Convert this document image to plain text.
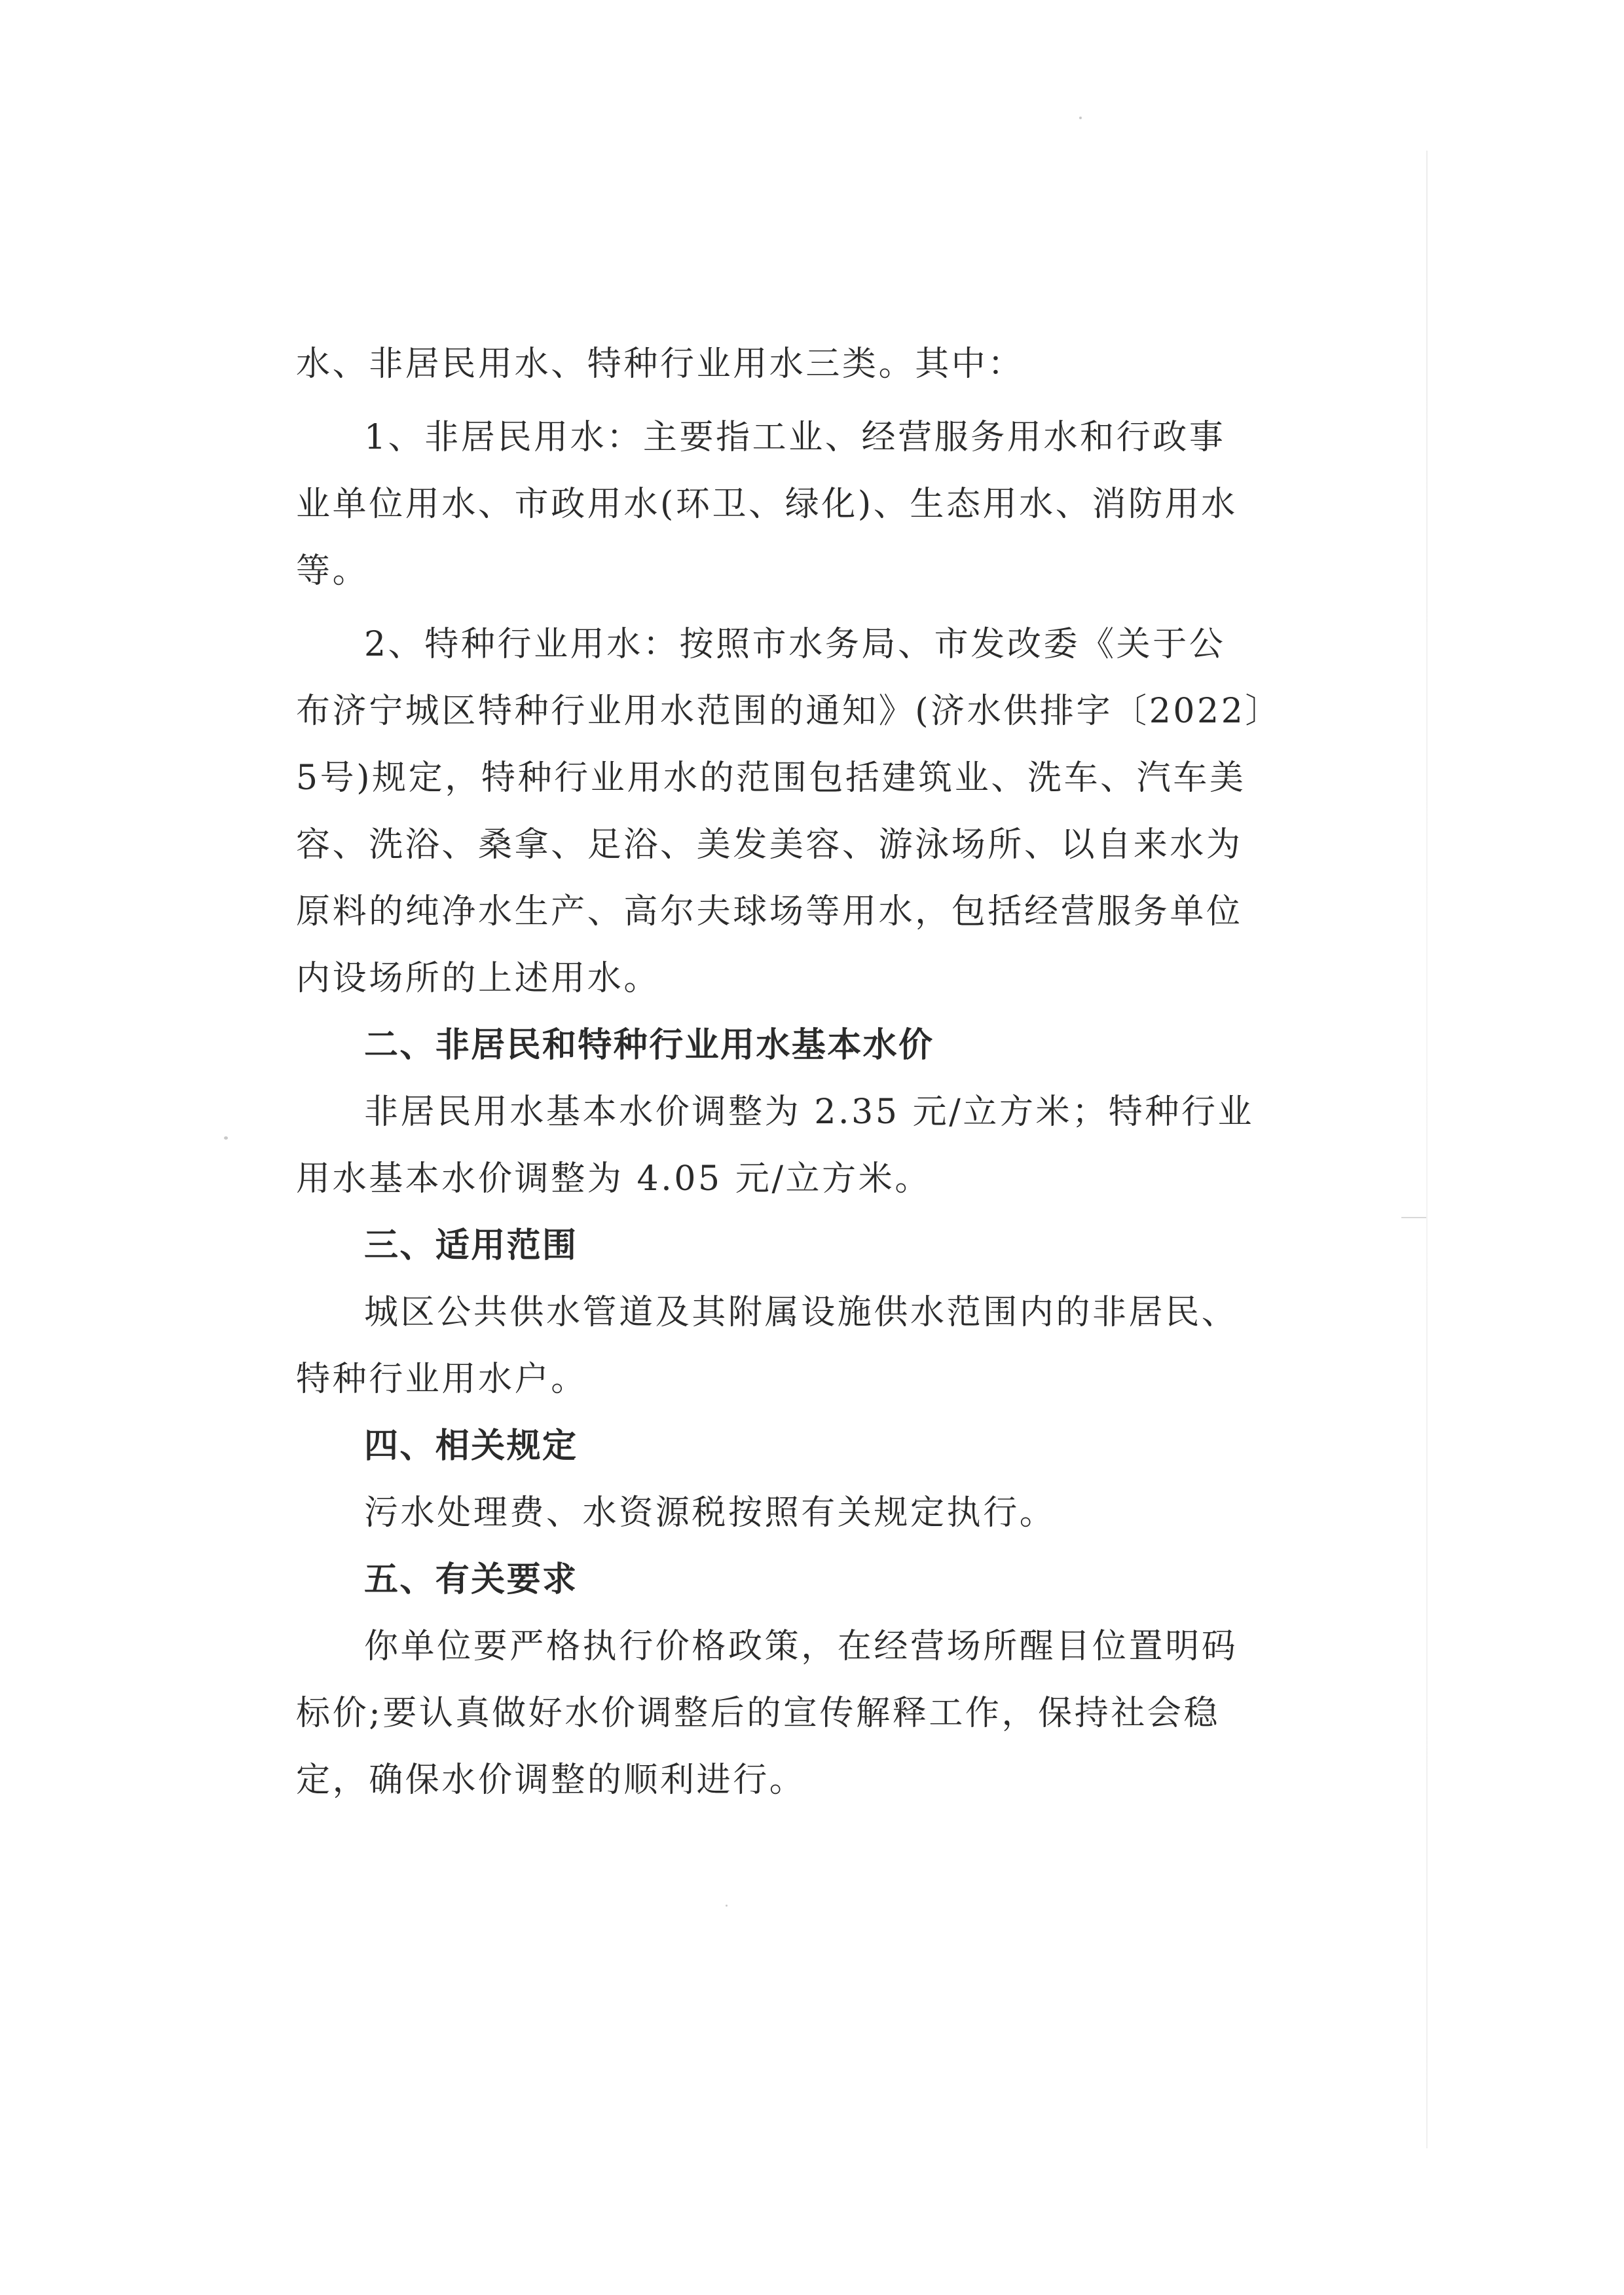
水、非居民用水、特种行业用水三类。其中：
1、非居民用水：主要指工业、经营服务用水和行政事
业单位用水、市政用水(环卫、绿化)、生态用水、消防用水
等。
2、特种行业用水：按照市水务局、市发改委《关于公
布济宁城区特种行业用水范围的通知》(济水供排字〔2022〕
5号)规定，特种行业用水的范围包括建筑业、洗车、汽车美
容、洗浴、桑拿、足浴、美发美容、游泳场所、以自来水为
原料的纯净水生产、高尔夫球场等用水，包括经营服务单位
内设场所的上述用水。
二、非居民和特种行业用水基本水价
非居民用水基本水价调整为 2.35 元/立方米；特种行业
用水基本水价调整为 4.05 元/立方米。
三、适用范围
城区公共供水管道及其附属设施供水范围内的非居民、
特种行业用水户。
四、相关规定
污水处理费、水资源税按照有关规定执行。
五、有关要求
你单位要严格执行价格政策，在经营场所醒目位置明码
标价;要认真做好水价调整后的宣传解释工作，保持社会稳
定，确保水价调整的顺利进行。
